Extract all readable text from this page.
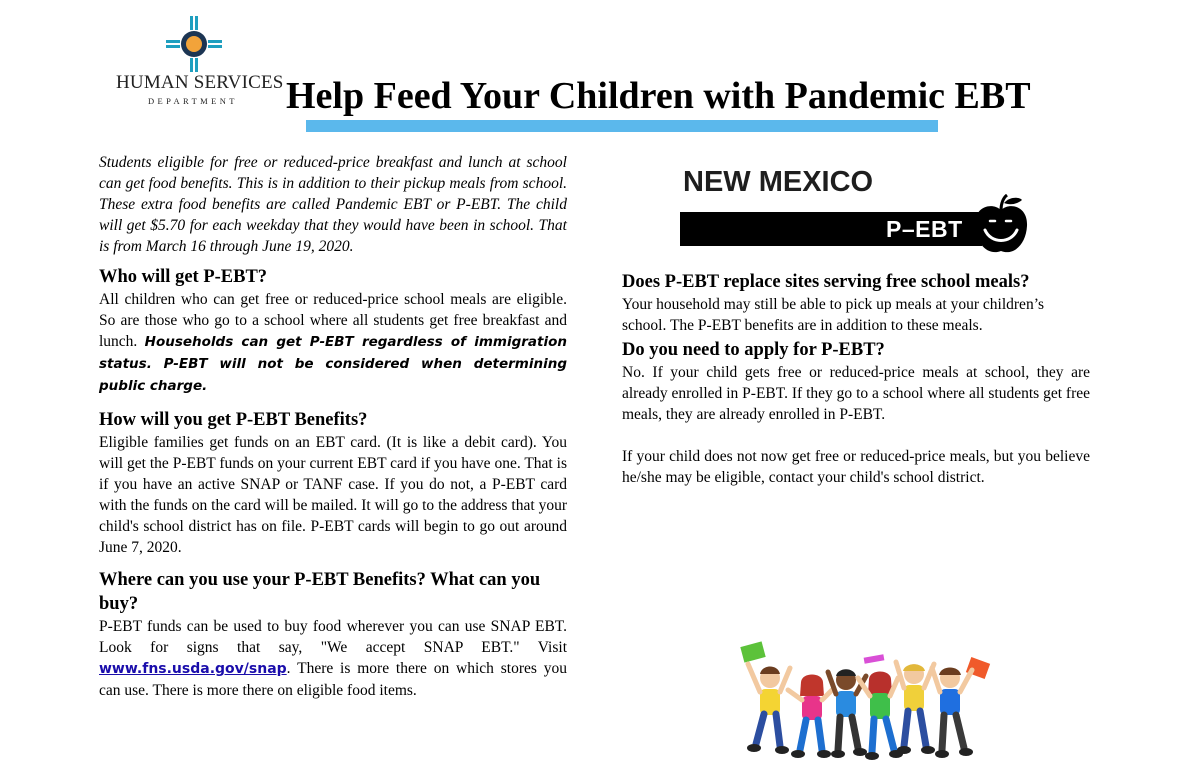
HUMAN SERVICES
DEPARTMENT Help Feed Your Children with Pandemic EBT

Students eligible for free or reduced-price breakfast and lunch at school can get food benefits. This is in addition to their pickup meals from school. These extra food benefits are called Pandemic EBT or P-EBT. The child will get $5.70 for each weekday that they would have been in school. That is from March 16 through June 19, 2020.

Who will get P-EBT?

All children who can get free or reduced-price school meals are eligible. So are those who go to a school where all students get free breakfast and lunch. Households can get P-EBT regardless of immigration status. P-EBT will not be considered when determining public charge.

How will you get P-EBT Benefits?

Eligible families get funds on an EBT card. (It is like a debit card). You will get the P-EBT funds on your current EBT card if you have one. That is if you have an active SNAP or TANF case. If you do not, a P-EBT card with the funds on the card will be mailed. It will go to the address that your child's school district has on file. P-EBT cards will begin to go out around June 7, 2020.

Where can you use your P-EBT Benefits? What can you buy?

P-EBT funds can be used to buy food wherever you can use SNAP EBT. Look for signs that say, "We accept SNAP EBT." Visit www.fns.usda.gov/snap. There is more there on which stores you can use. There is more there on eligible food items.

NEW MEXICO
P–EBT
Does P-EBT replace sites serving free school meals?

Your household may still be able to pick up meals at your children’s school. The P-EBT benefits are in addition to these meals.

Do you need to apply for P-EBT?

No. If your child gets free or reduced-price meals at school, they are already enrolled in P-EBT. If they go to a school where all students get free meals, they are already enrolled in P-EBT.

If your child does not now get free or reduced-price meals, but you believe he/she may be eligible, contact your child's school district.
